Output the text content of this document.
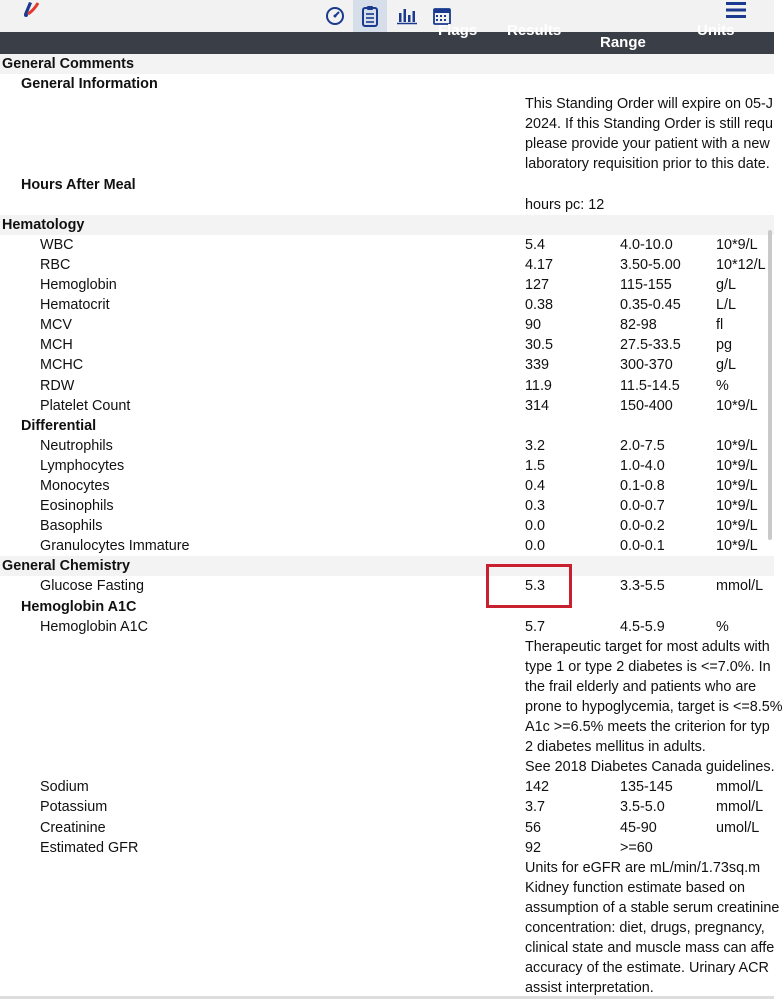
Flags Results
Range
Units
General Comments
General Information
This Standing Order will expire on 05-J
2024. If this Standing Order is still requ
please provide your patient with a new
laboratory requisition prior to this date.
Hours After Meal
hours pc: 12
Hematology
WBC	5.4	4.0-10.0	10*9/L
RBC	4.17	3.50-5.00 10*12/L
Hemoglobin	127	115-155	g/L
Hematocrit	0.38	0.35-0.45 L/L
MCV	90	82-98	fl
MCH	30.5	27.5-33.5 pg
MCHC	339	300-370	g/L
RDW	11.9	11.5-14.5	%
Platelet Count	314	150-400	10*9/L
Differential
Neutrophils	3.2	2.0-7.5	10*9/L
Lymphocytes	1.5	1.0-4.0	10*9/L
Monocytes	0.4	0.1-0.8	10*9/L
Eosinophils	0.3	0.0-0.7	10*9/L
Basophils	0.0	0.0-0.2	10*9/L
Granulocytes Immature	0.0	0.0-0.1	10*9/L
General Chemistry
Glucose Fasting	5.3	3.3-5.5	mmol/L
Hemoglobin A1C
Hemoglobin A1C	5.7	4.5-5.9	%
Therapeutic target for most adults with
type 1 or type 2 diabetes is <=7.0%. In
the frail elderly and patients who are
prone to hypoglycemia, target is <=8.5%
A1c >=6.5% meets the criterion for typ
2 diabetes mellitus in adults.
See 2018 Diabetes Canada guidelines.
Sodium	142	135-145	mmol/L
Potassium	3.7	3.5-5.0	mmol/L
Creatinine	56	45-90	umol/L
Estimated GFR	92	>=60
Units for eGFR are mL/min/1.73sq.m
Kidney function estimate based on
assumption of a stable serum creatinine
concentration: diet, drugs, pregnancy,
clinical state and muscle mass can affe
accuracy of the estimate. Urinary ACR
assist interpretation.
